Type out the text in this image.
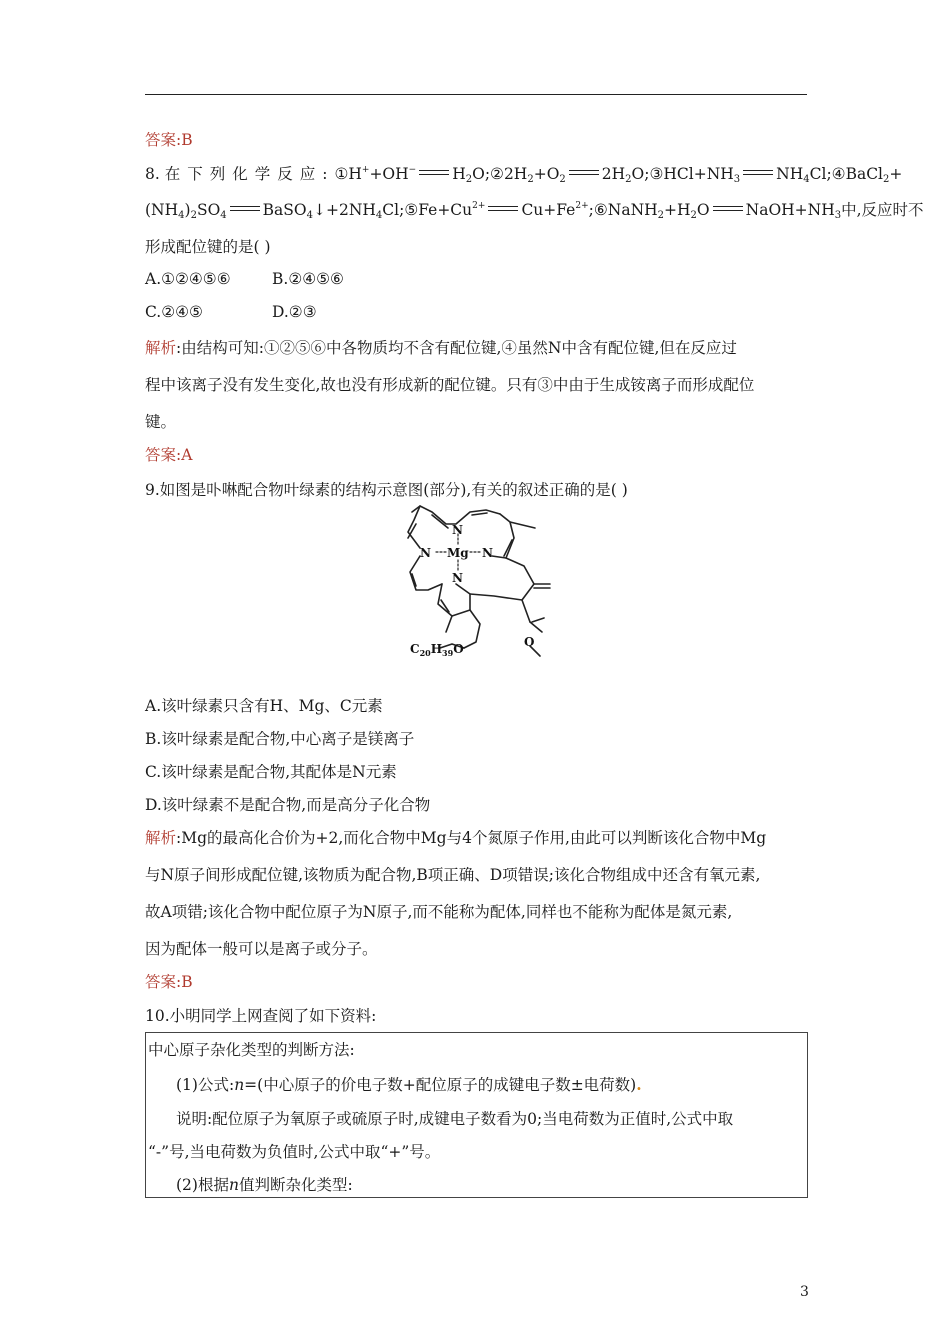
答案:B
8. 在下列化学反应:①H++OH− $H_2O;②2H_2+O_2$ $2H_2O;③HCl+NH_3$ $NH_4Cl;④BaCl_2+$
$(NH_4)_2SO_4$ $BaSO_4↓+2NH_4Cl;⑤Fe+Cu^{2+}$ $Cu+Fe^{2+};⑥NaNH_2+H_2O$ $NaOH+NH_3$中,反应时不
形成配位键的是( )
A.①②④⑤⑥	B.②④⑤⑥
C.②④⑤	D.②③
解析:由结构可知:①②⑤⑥中各物质均不含有配位键,④虽然N中含有配位键,但在反应过
程中该离子没有发生变化,故也没有形成新的配位键。只有③中由于生成铵离子而形成配位
键。
答案:A
9.如图是卟啉配合物叶绿素的结构示意图(部分),有关的叙述正确的是( )
N
N Mg N
N
O
$C_{20}H_{39}O$
A.该叶绿素只含有H、Mg、C元素
B.该叶绿素是配合物,中心离子是镁离子
C.该叶绿素是配合物,其配体是N元素
D.该叶绿素不是配合物,而是高分子化合物
解析:Mg的最高化合价为+2,而化合物中Mg与4个氮原子作用,由此可以判断该化合物中Mg
与N原子间形成配位键,该物质为配合物,B项正确、D项错误;该化合物组成中还含有氧元素,
故A项错;该化合物中配位原子为N原子,而不能称为配体,同样也不能称为配体是氮元素,
因为配体一般可以是离子或分子。
答案:B
10.小明同学上网查阅了如下资料:
中心原子杂化类型的判断方法:
(1)公式:n=(中心原子的价电子数+配位原子的成键电子数±电荷数).
说明:配位原子为氧原子或硫原子时,成键电子数看为0;当电荷数为正值时,公式中取
“-”号,当电荷数为负值时,公式中取“+”号。
(2)根据n值判断杂化类型:
3
